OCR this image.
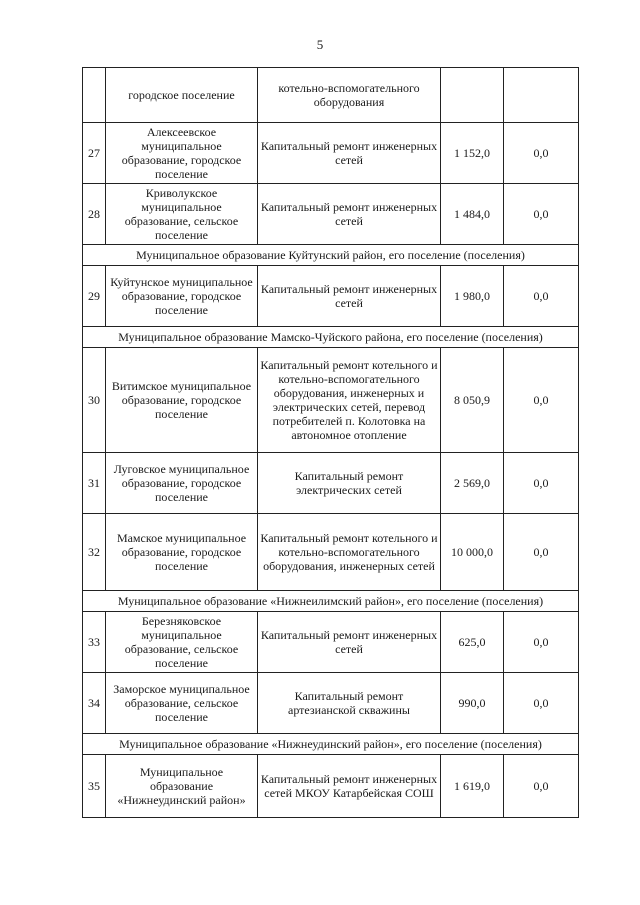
5
	городское поселение	котельно-вспомогательного оборудования		
27	Алексеевское муниципальное образование, городское поселение	Капитальный ремонт инженерных сетей	1 152,0	0,0
28	Криволукское муниципальное образование, сельское поселение	Капитальный ремонт инженерных сетей	1 484,0	0,0
Муниципальное образование Куйтунский район, его поселение (поселения)				
29	Куйтунское муниципальное образование, городское поселение	Капитальный ремонт инженерных сетей	1 980,0	0,0
Муниципальное образование Мамско-Чуйского района, его поселение (поселения)				
30	Витимское муниципальное образование, городское поселение	Капитальный ремонт котельного и котельно-вспомогательного оборудования, инженерных и электрических сетей, перевод потребителей п. Колотовка на автономное отопление	8 050,9	0,0
31	Луговское муниципальное образование, городское поселение	Капитальный ремонт электрических сетей	2 569,0	0,0
32	Мамское муниципальное образование, городское поселение	Капитальный ремонт котельного и котельно-вспомогательного оборудования, инженерных сетей	10 000,0	0,0
Муниципальное образование «Нижнеилимский район», его поселение (поселения)				
33	Березняковское муниципальное образование, сельское поселение	Капитальный ремонт инженерных сетей	625,0	0,0
34	Заморское муниципальное образование, сельское поселение	Капитальный ремонт артезианской скважины	990,0	0,0
Муниципальное образование «Нижнеудинский район», его поселение (поселения)				
35	Муниципальное образование «Нижнеудинский район»	Капитальный ремонт инженерных сетей МКОУ Катарбейская СОШ	1 619,0	0,0
